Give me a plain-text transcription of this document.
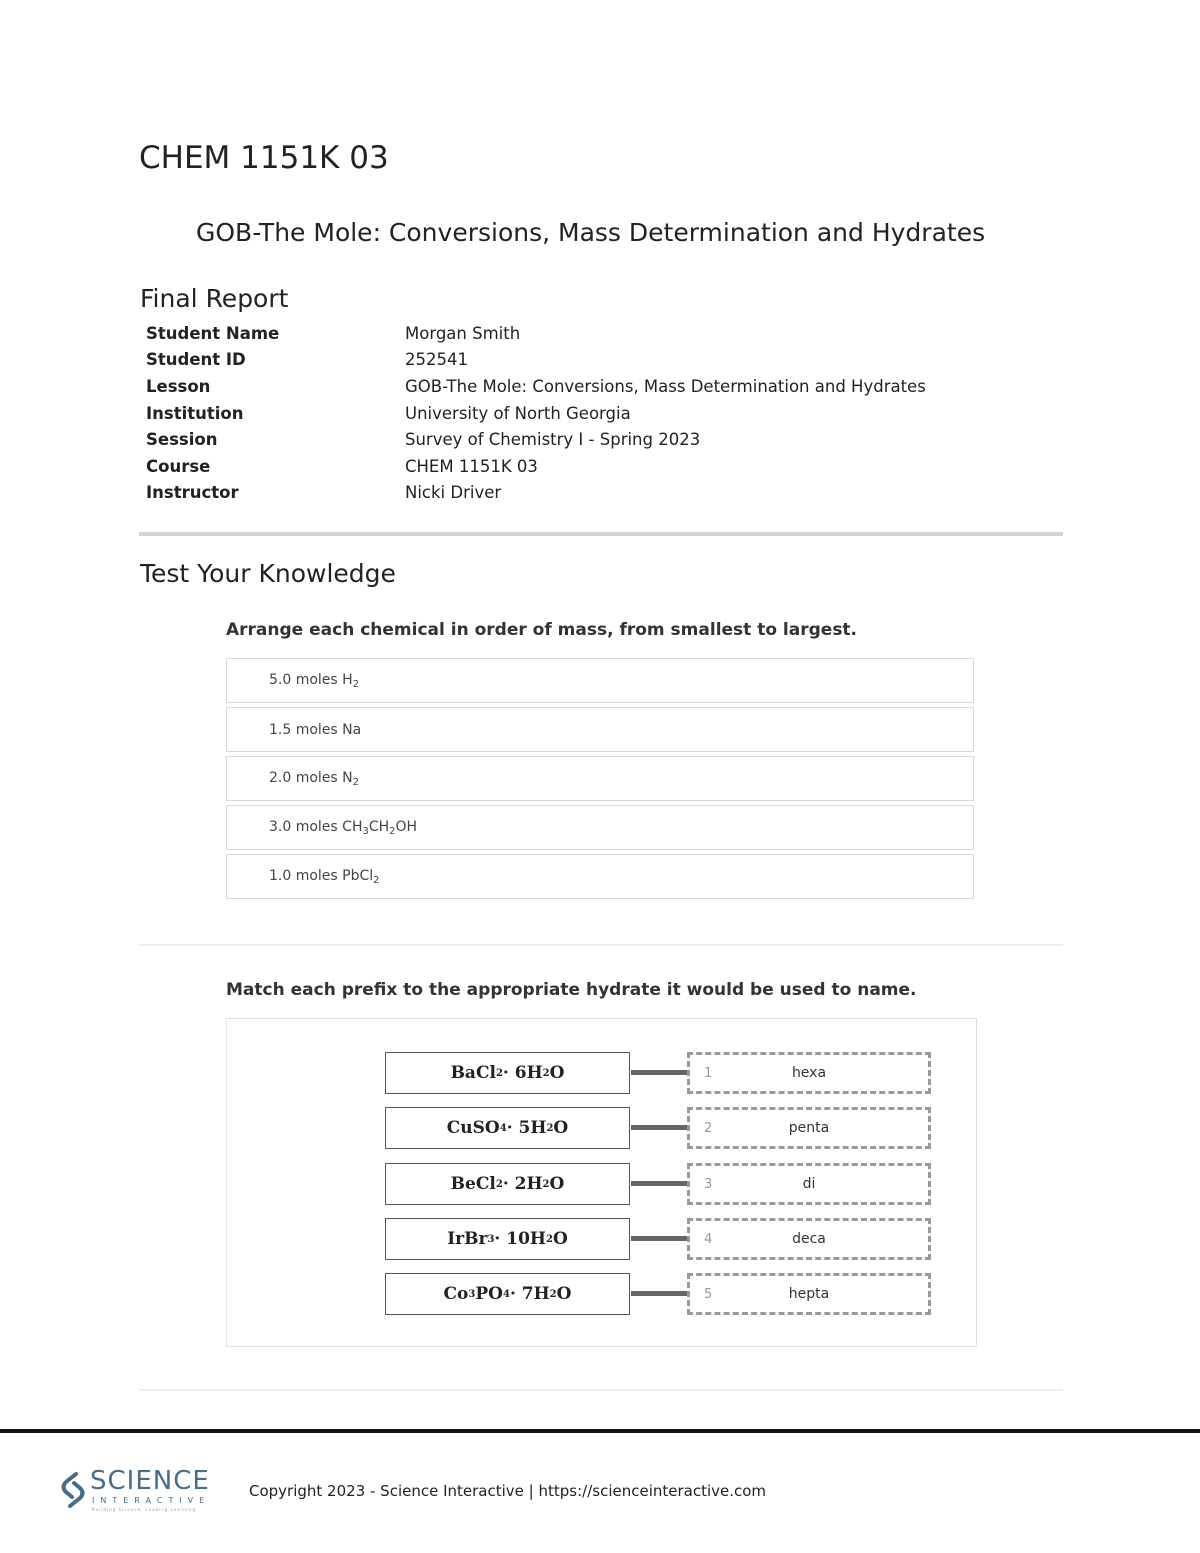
CHEM 1151K 03
GOB-The Mole: Conversions, Mass Determination and Hydrates
Final Report
Student Name	Morgan Smith
Student ID	252541
Lesson	GOB-The Mole: Conversions, Mass Determination and Hydrates
Institution	University of North Georgia
Session	Survey of Chemistry I - Spring 2023
Course	CHEM 1151K 03
Instructor	Nicki Driver
Test Your Knowledge
Arrange each chemical in order of mass, from smallest to largest.
5.0 moles $H_2$
1.5 moles Na
2.0 moles $N_2$
3.0 moles $CH_3CH_2OH$
1.0 moles PbCl$_2$
Match each prefix to the appropriate hydrate it would be used to name.
BaCl 2 · 6H 2 O	1	hexa
CuSO 4 · 5H 2 O	2	penta
BeCl 2 · 2H 2 O	3	di
IrBr 3 · 10H 2 O	4	deca
Co 3 PO 4 · 7H 2 O	5	hepta
SCIENCE
INTERACTIVE
Building Science, Leading Learning
Copyright 2023 - Science Interactive | https://scienceinteractive.com
